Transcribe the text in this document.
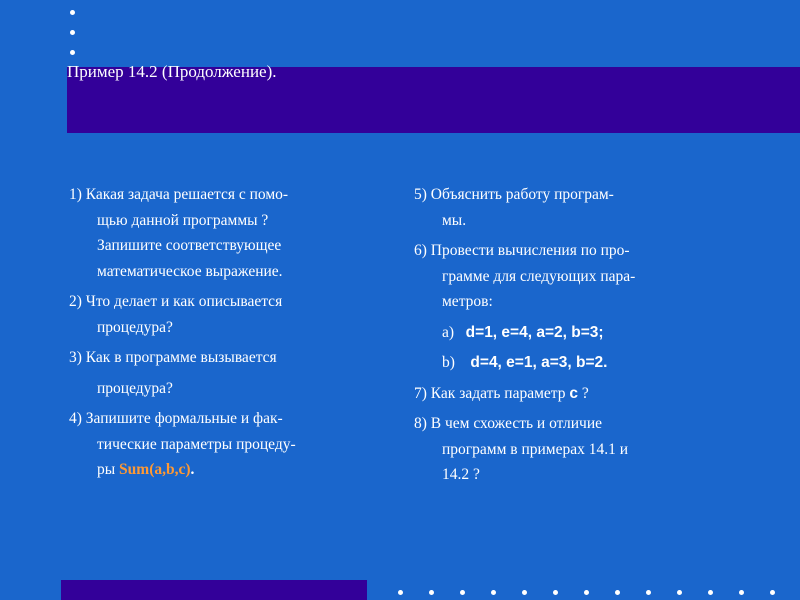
Пример 14.2 (Продолжение).
1) Какая задача решается с помо-
щью данной программы ?
Запишите соответствующее
математическое выражение.
2) Что делает и как описывается
процедура?
3) Как в программе вызывается
процедура?
4) Запишите формальные и фак-
тические параметры процеду-
ры Sum(a,b,c).
5) Объяснить работу програм-
мы.
6) Провести вычисления по про-
грамме для следующих пара-
метров:
a) d=1, e=4, a=2, b=3;
b) d=4, e=1, a=3, b=2.
7) Как задать параметр c ?
8) В чем схожесть и отличие
программ в примерах 14.1 и
14.2 ?
